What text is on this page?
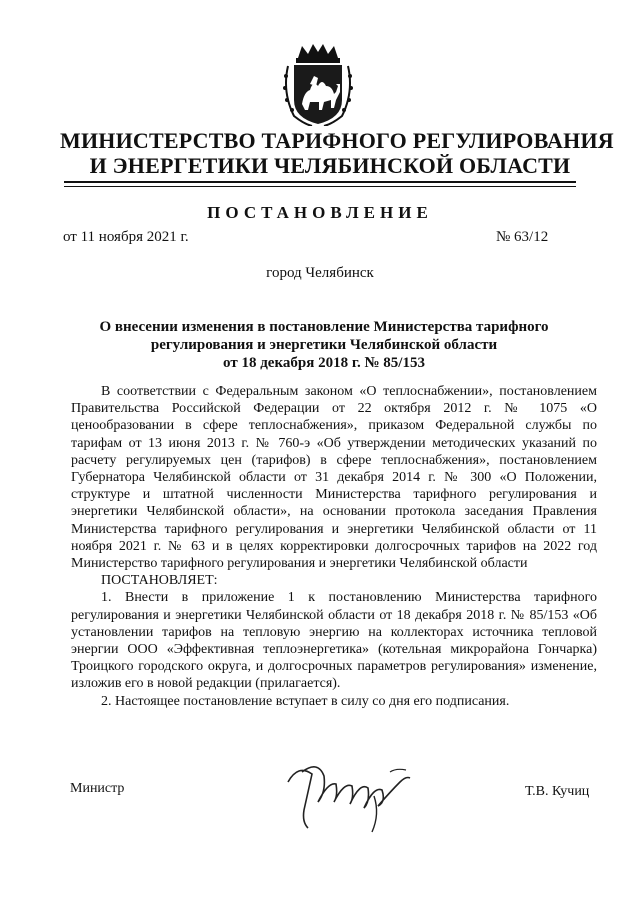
МИНИСТЕРСТВО ТАРИФНОГО РЕГУЛИРОВАНИЯ
И ЭНЕРГЕТИКИ ЧЕЛЯБИНСКОЙ ОБЛАСТИ
ПОСТАНОВЛЕНИЕ
от 11 ноября 2021 г.	№ 63/12
город Челябинск
О внесении изменения в постановление Министерства тарифного
регулирования и энергетики Челябинской области
от 18 декабря 2018 г. № 85/153

В соответствии с Федеральным законом «О теплоснабжении», постановлением Правительства Российской Федерации от 22 октября 2012 г. № 1075 «О ценообразовании в сфере теплоснабжения», приказом Федеральной службы по тарифам от 13 июня 2013 г. № 760-э «Об утверждении методических указаний по расчету регулируемых цен (тарифов) в сфере теплоснабжения», постановлением Губернатора Челябинской области от 31 декабря 2014 г. № 300 «О Положении, структуре и штатной численности Министерства тарифного регулирования и энергетики Челябинской области», на основании протокола заседания Правления Министерства тарифного регулирования и энергетики Челябинской области от 11 ноября 2021 г. № 63 и в целях корректировки долгосрочных тарифов на 2022 год Министерство тарифного регулирования и энергетики Челябинской области

ПОСТАНОВЛЯЕТ:

1. Внести в приложение 1 к постановлению Министерства тарифного регулирования и энергетики Челябинской области от 18 декабря 2018 г. № 85/153 «Об установлении тарифов на тепловую энергию на коллекторах источника тепловой энергии ООО «Эффективная теплоэнергетика» (котельная микрорайона Гончарка) Троицкого городского округа, и долгосрочных параметров регулирования» изменение, изложив его в новой редакции (прилагается).

2. Настоящее постановление вступает в силу со дня его подписания.

Министр	Т.В. Кучиц
